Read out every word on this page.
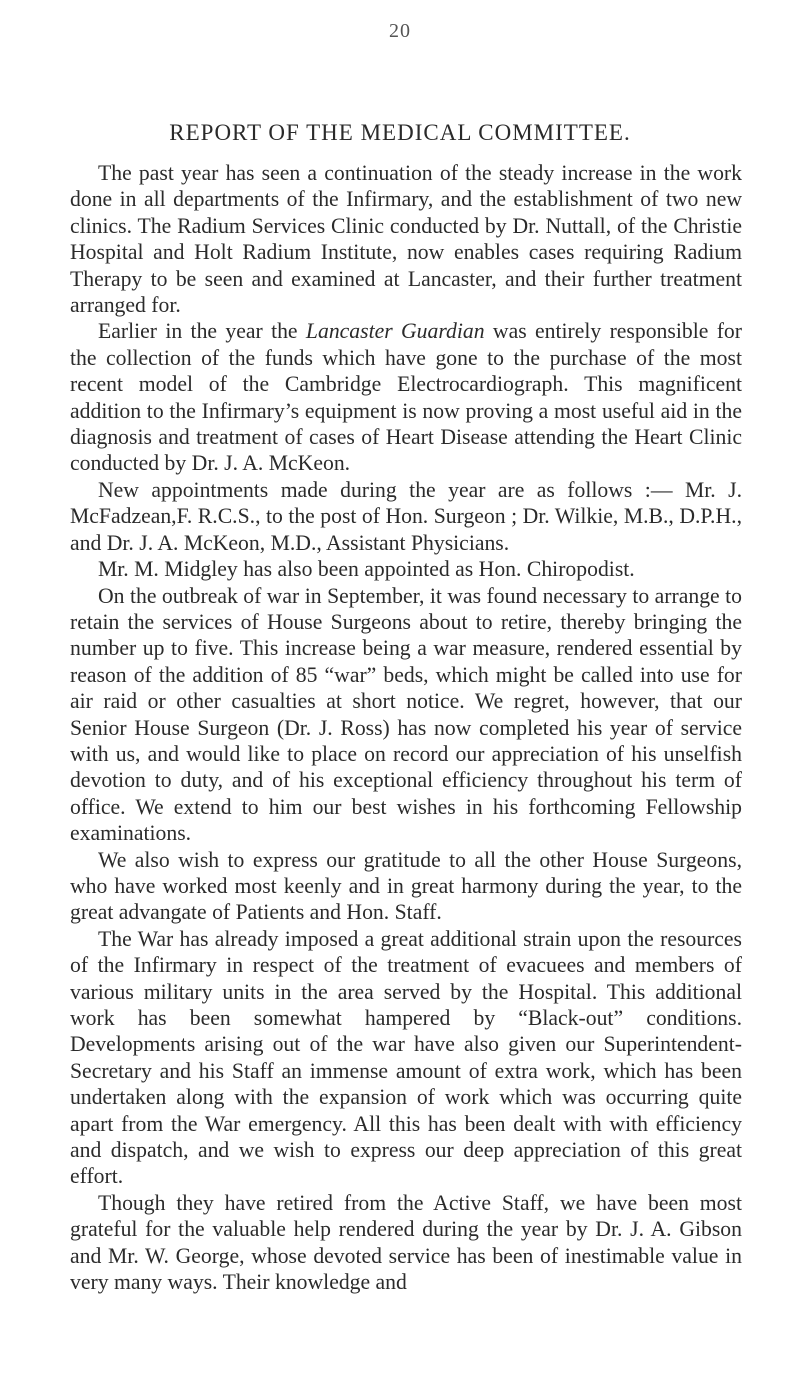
20
REPORT OF THE MEDICAL COMMITTEE.

The past year has seen a continuation of the steady increase in the work done in all departments of the Infirmary, and the establishment of two new clinics. The Radium Services Clinic conducted by Dr. Nuttall, of the Christie Hospital and Holt Radium Institute, now enables cases requiring Radium Therapy to be seen and examined at Lancaster, and their further treatment arranged for.

Earlier in the year the Lancaster Guardian was entirely responsible for the collection of the funds which have gone to the purchase of the most recent model of the Cambridge Electrocardiograph. This magnificent addition to the Infirmary’s equipment is now proving a most useful aid in the diagnosis and treatment of cases of Heart Disease attending the Heart Clinic conducted by Dr. J. A. McKeon.

New appointments made during the year are as follows :— Mr. J. McFadzean,F. R.C.S., to the post of Hon. Surgeon ; Dr. Wilkie, M.B., D.P.H., and Dr. J. A. McKeon, M.D., Assistant Physicians.

Mr. M. Midgley has also been appointed as Hon. Chiropodist.

On the outbreak of war in September, it was found necessary to arrange to retain the services of House Surgeons about to retire, thereby bringing the number up to five. This increase being a war measure, rendered essential by reason of the addition of 85 “war” beds, which might be called into use for air raid or other casualties at short notice. We regret, however, that our Senior House Surgeon (Dr. J. Ross) has now completed his year of service with us, and would like to place on record our appreciation of his unselfish devotion to duty, and of his exceptional efficiency throughout his term of office. We extend to him our best wishes in his forthcoming Fellowship examinations.

We also wish to express our gratitude to all the other House Surgeons, who have worked most keenly and in great harmony during the year, to the great advangate of Patients and Hon. Staff.

The War has already imposed a great additional strain upon the resources of the Infirmary in respect of the treatment of evacuees and members of various military units in the area served by the Hospital. This additional work has been somewhat hampered by “Black-out” conditions. Developments arising out of the war have also given our Superintendent-Secretary and his Staff an immense amount of extra work, which has been undertaken along with the expansion of work which was occurring quite apart from the War emergency. All this has been dealt with with efficiency and dispatch, and we wish to express our deep appreciation of this great effort.

Though they have retired from the Active Staff, we have been most grateful for the valuable help rendered during the year by Dr. J. A. Gibson and Mr. W. George, whose devoted service has been of inestimable value in very many ways. Their knowledge and
